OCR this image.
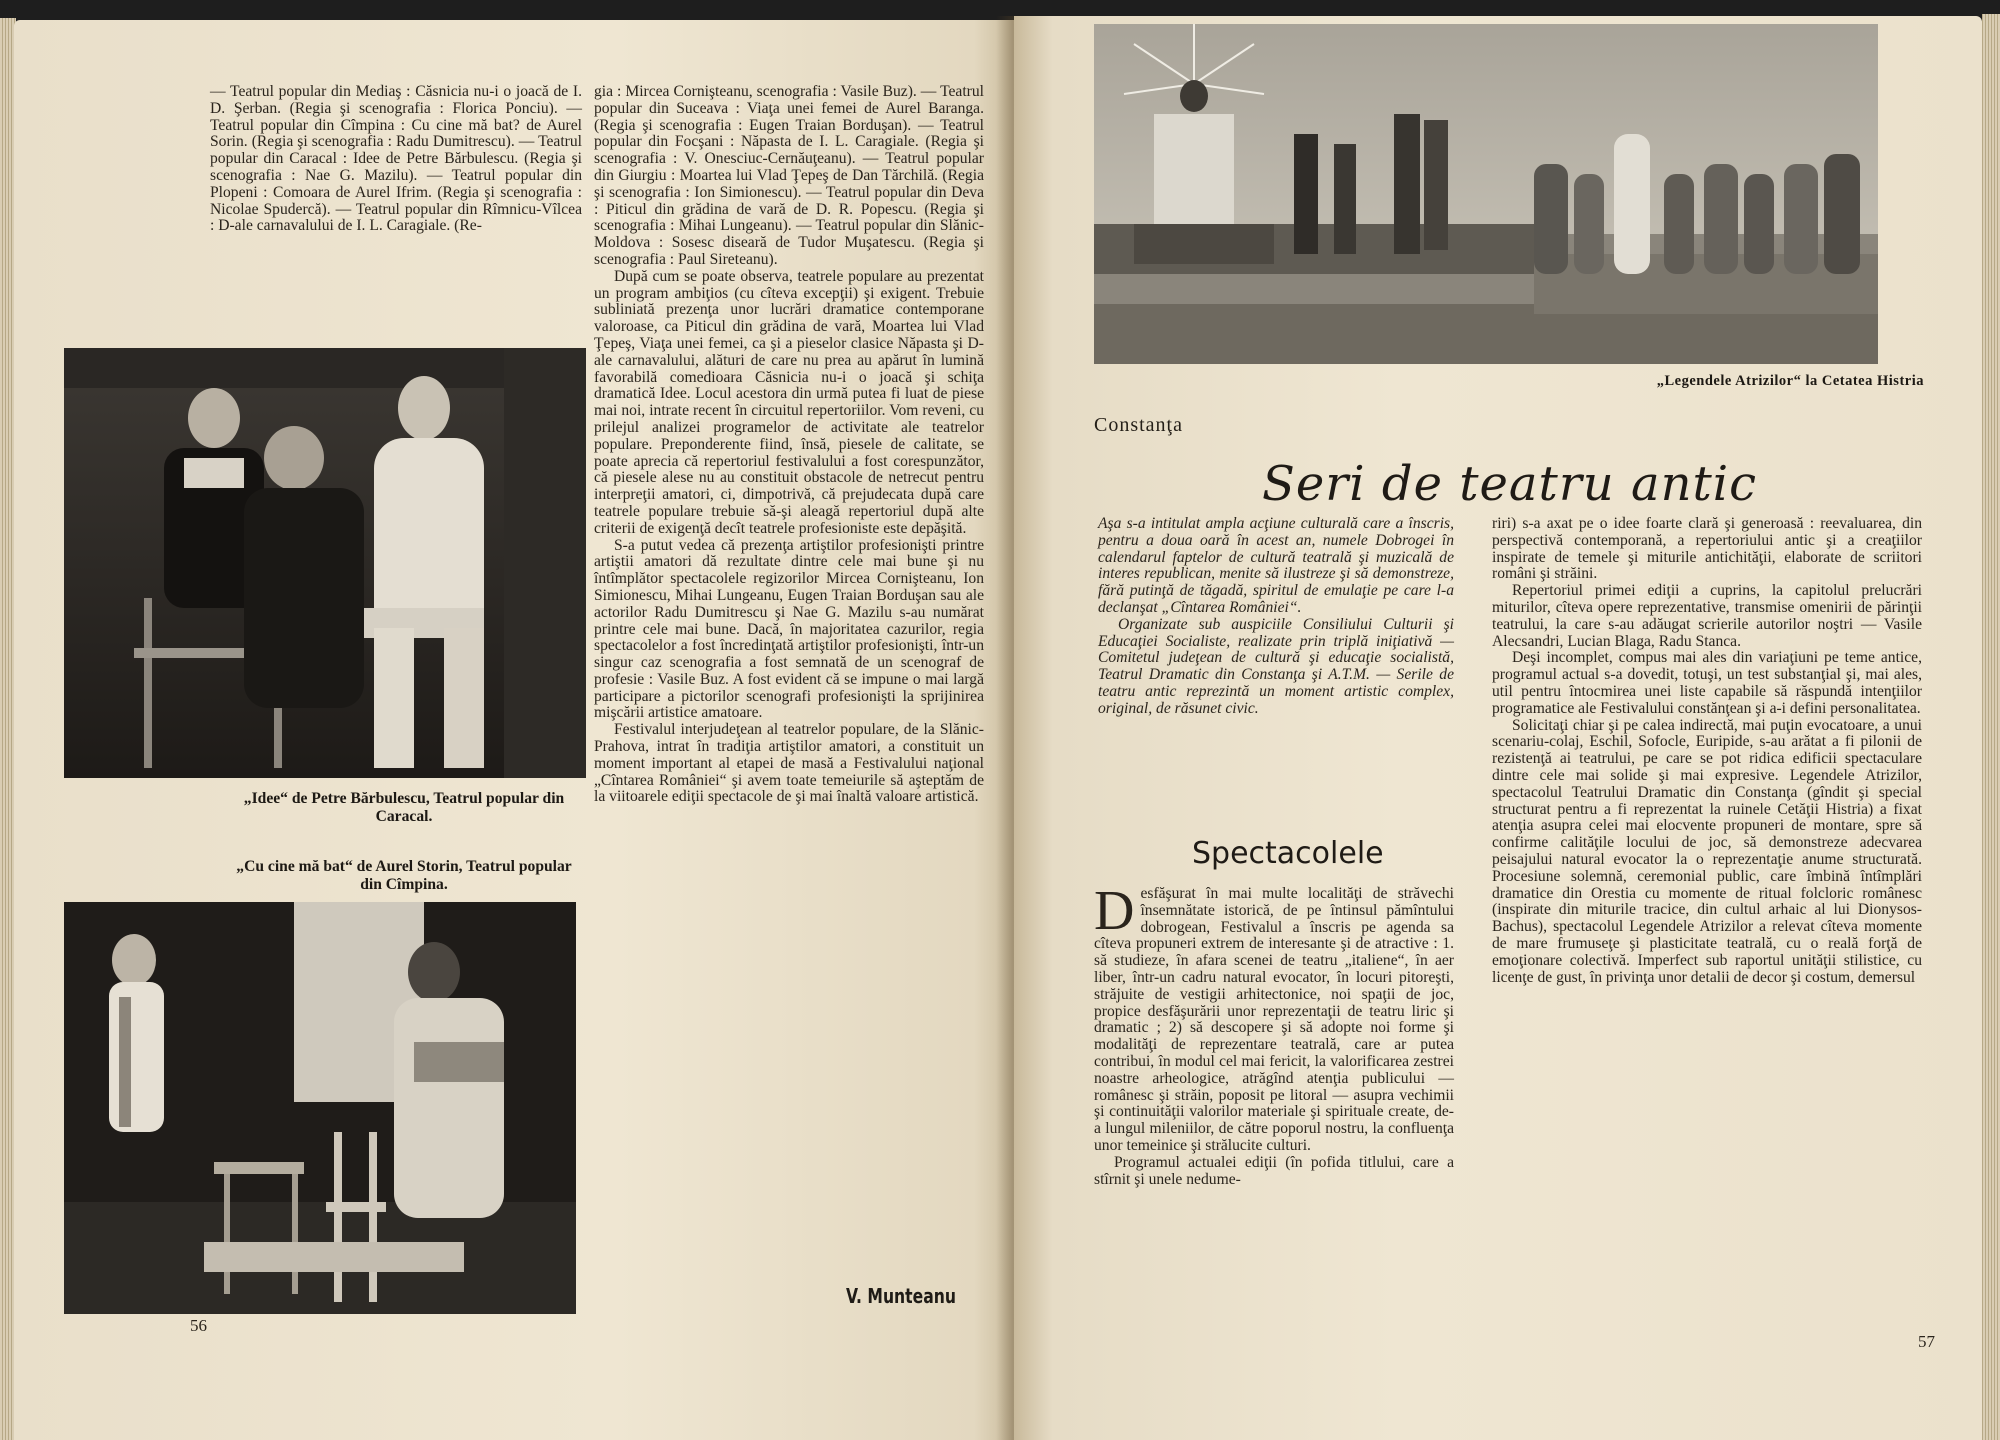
— Teatrul popular din Mediaş : Căsnicia nu-i o joacă de I. D. Şerban. (Regia şi scenografia : Florica Ponciu). — Teatrul popular din Cîmpina : Cu cine mă bat? de Aurel Sorin. (Regia şi scenografia : Radu Dumitrescu). — Teatrul popular din Caracal : Idee de Petre Bărbulescu. (Regia şi scenografia : Nae G. Mazilu). — Teatrul popular din Plopeni : Comoara de Aurel Ifrim. (Regia şi scenografia : Nicolae Spudercă). — Teatrul popular din Rîmnicu-Vîlcea : D-ale carnavalului de I. L. Caragiale. (Re-

„Idee“ de Petre Bărbulescu, Teatrul popular din Caracal.
„Cu cine mă bat“ de Aurel Storin, Teatrul popular din Cîmpina.

gia : Mircea Cornişteanu, scenografia : Vasile Buz). — Teatrul popular din Suceava : Viaţa unei femei de Aurel Baranga. (Regia şi scenografia : Eugen Traian Borduşan). — Teatrul popular din Focşani : Năpasta de I. L. Caragiale. (Regia şi scenografia : V. Onesciuc-Cernăuţeanu). — Teatrul popular din Giurgiu : Moartea lui Vlad Ţepeş de Dan Tărchilă. (Regia şi scenografia : Ion Simionescu). — Teatrul popular din Deva : Piticul din grădina de vară de D. R. Popescu. (Regia şi scenografia : Mihai Lungeanu). — Teatrul popular din Slănic-Moldova : Sosesc diseară de Tudor Muşatescu. (Regia şi scenografia : Paul Sireteanu).

După cum se poate observa, teatrele populare au prezentat un program ambiţios (cu cîteva excepţii) şi exigent. Trebuie subliniată prezenţa unor lucrări dramatice contemporane valoroase, ca Piticul din grădina de vară, Moartea lui Vlad Ţepeş, Viaţa unei femei, ca şi a pieselor clasice Năpasta şi D-ale carnavalului, alături de care nu prea au apărut în lumină favorabilă comedioara Căsnicia nu-i o joacă şi schiţa dramatică Idee. Locul acestora din urmă putea fi luat de piese mai noi, intrate recent în circuitul repertoriilor. Vom reveni, cu prilejul analizei programelor de activitate ale teatrelor populare. Preponderente fiind, însă, piesele de calitate, se poate aprecia că repertoriul festivalului a fost corespunzător, că piesele alese nu au constituit obstacole de netrecut pentru interpreţii amatori, ci, dimpotrivă, că prejudecata după care teatrele populare trebuie să-şi aleagă repertoriul după alte criterii de exigenţă decît teatrele profesioniste este depăşită.

S-a putut vedea că prezenţa artiştilor profesionişti printre artiştii amatori dă rezultate dintre cele mai bune şi nu întîmplător spectacolele regizorilor Mircea Cornişteanu, Ion Simionescu, Mihai Lungeanu, Eugen Traian Borduşan sau ale actorilor Radu Dumitrescu şi Nae G. Mazilu s-au numărat printre cele mai bune. Dacă, în majoritatea cazurilor, regia spectacolelor a fost încredinţată artiştilor profesionişti, într-un singur caz scenografia a fost semnată de un scenograf de profesie : Vasile Buz. A fost evident că se impune o mai largă participare a pictorilor scenografi profesionişti la sprijinirea mişcării artistice amatoare.

Festivalul interjudeţean al teatrelor populare, de la Slănic-Prahova, intrat în tradiţia artiştilor amatori, a constituit un moment important al etapei de masă a Festivalului naţional „Cîntarea României“ şi avem toate temeiurile să aşteptăm de la viitoarele ediţii spectacole de şi mai înaltă valoare artistică.

V. Munteanu
56
„Legendele Atrizilor“ la Cetatea Histria
Constanţa
Seri de teatru antic

Aşa s-a intitulat ampla acţiune culturală care a înscris, pentru a doua oară în acest an, numele Dobrogei în calendarul faptelor de cultură teatrală şi muzicală de interes republican, menite să ilustreze şi să demonstreze, fără putinţă de tăgadă, spiritul de emulaţie pe care l-a declanşat „Cîntarea României“.

Organizate sub auspiciile Consiliului Culturii şi Educaţiei Socialiste, realizate prin triplă iniţiativă — Comitetul judeţean de cultură şi educaţie socialistă, Teatrul Dramatic din Constanţa şi A.T.M. — Serile de teatru antic reprezintă un moment artistic complex, original, de răsunet civic.

Spectacolele

Desfăşurat în mai multe localităţi de străvechi însemnătate istorică, de pe întinsul pămîntului dobrogean, Festivalul a înscris pe agenda sa cîteva propuneri extrem de interesante şi de atractive : 1. să studieze, în afara scenei de teatru „italiene“, în aer liber, într-un cadru natural evocator, în locuri pitoreşti, străjuite de vestigii arhitectonice, noi spaţii de joc, propice desfăşurării unor reprezentaţii de teatru liric şi dramatic ; 2) să descopere şi să adopte noi forme şi modalităţi de reprezentare teatrală, care ar putea contribui, în modul cel mai fericit, la valorificarea zestrei noastre arheologice, atrăgînd atenţia publicului — românesc şi străin, poposit pe litoral — asupra vechimii şi continuităţii valorilor materiale şi spirituale create, de-a lungul mileniilor, de către poporul nostru, la confluenţa unor temeinice şi strălucite culturi.

Programul actualei ediţii (în pofida titlului, care a stîrnit şi unele nedume-

riri) s-a axat pe o idee foarte clară şi generoasă : reevaluarea, din perspectivă contemporană, a repertoriului antic şi a creaţiilor inspirate de temele şi miturile antichităţii, elaborate de scriitori români şi străini.

Repertoriul primei ediţii a cuprins, la capitolul prelucrări miturilor, cîteva opere reprezentative, transmise omenirii de părinţii teatrului, la care s-au adăugat scrierile autorilor noştri — Vasile Alecsandri, Lucian Blaga, Radu Stanca.

Deşi incomplet, compus mai ales din variaţiuni pe teme antice, programul actual s-a dovedit, totuşi, un test substanţial şi, mai ales, util pentru întocmirea unei liste capabile să răspundă intenţiilor programatice ale Festivalului constănţean şi a-i defini personalitatea.

Solicitaţi chiar şi pe calea indirectă, mai puţin evocatoare, a unui scenariu-colaj, Eschil, Sofocle, Euripide, s-au arătat a fi pilonii de rezistenţă ai teatrului, pe care se pot ridica edificii spectaculare dintre cele mai solide şi mai expresive. Legendele Atrizilor, spectacolul Teatrului Dramatic din Constanţa (gîndit şi special structurat pentru a fi reprezentat la ruinele Cetăţii Histria) a fixat atenţia asupra celei mai elocvente propuneri de montare, spre să confirme calităţile locului de joc, să demonstreze adecvarea peisajului natural evocator la o reprezentaţie anume structurată. Procesiune solemnă, ceremonial public, care îmbină întîmplări dramatice din Orestia cu momente de ritual folcloric românesc (inspirate din miturile tracice, din cultul arhaic al lui Dionysos-Bachus), spectacolul Legendele Atrizilor a relevat cîteva momente de mare frumuseţe şi plasticitate teatrală, cu o reală forţă de emoţionare colectivă. Imperfect sub raportul unităţii stilistice, cu licenţe de gust, în privinţa unor detalii de decor şi costum, demersul

57
